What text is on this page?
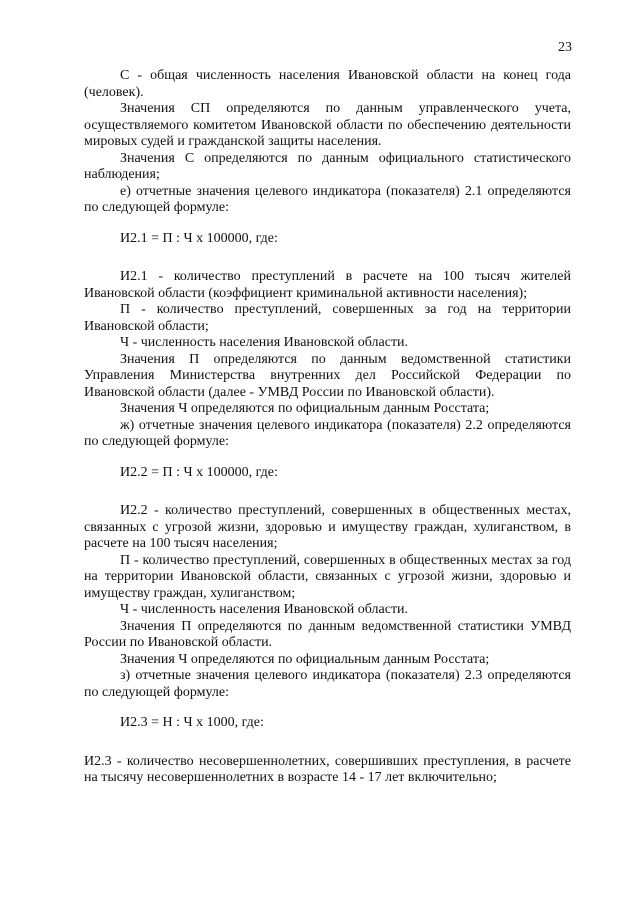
23

С - общая численность населения Ивановской области на конец года (человек).

Значения СП определяются по данным управленческого учета, осуществляемого комитетом Ивановской области по обеспечению деятельности мировых судей и гражданской защиты населения.

Значения С определяются по данным официального статистического наблюдения;

е) отчетные значения целевого индикатора (показателя) 2.1 определяются по следующей формуле:

И2.1 = П : Ч x 100000, где:

И2.1 - количество преступлений в расчете на 100 тысяч жителей Ивановской области (коэффициент криминальной активности населения);

П - количество преступлений, совершенных за год на территории Ивановской области;

Ч - численность населения Ивановской области.

Значения П определяются по данным ведомственной статистики Управления Министерства внутренних дел Российской Федерации по Ивановской области (далее - УМВД России по Ивановской области).

Значения Ч определяются по официальным данным Росстата;

ж) отчетные значения целевого индикатора (показателя) 2.2 определяются по следующей формуле:

И2.2 = П : Ч x 100000, где:

И2.2 - количество преступлений, совершенных в общественных местах, связанных с угрозой жизни, здоровью и имуществу граждан, хулиганством, в расчете на 100 тысяч населения;

П - количество преступлений, совершенных в общественных местах за год на территории Ивановской области, связанных с угрозой жизни, здоровью и имуществу граждан, хулиганством;

Ч - численность населения Ивановской области.

Значения П определяются по данным ведомственной статистики УМВД России по Ивановской области.

Значения Ч определяются по официальным данным Росстата;

з) отчетные значения целевого индикатора (показателя) 2.3 определяются по следующей формуле:

И2.3 = Н : Ч x 1000, где:

И2.3 - количество несовершеннолетних, совершивших преступления, в расчете на тысячу несовершеннолетних в возрасте 14 - 17 лет включительно;
